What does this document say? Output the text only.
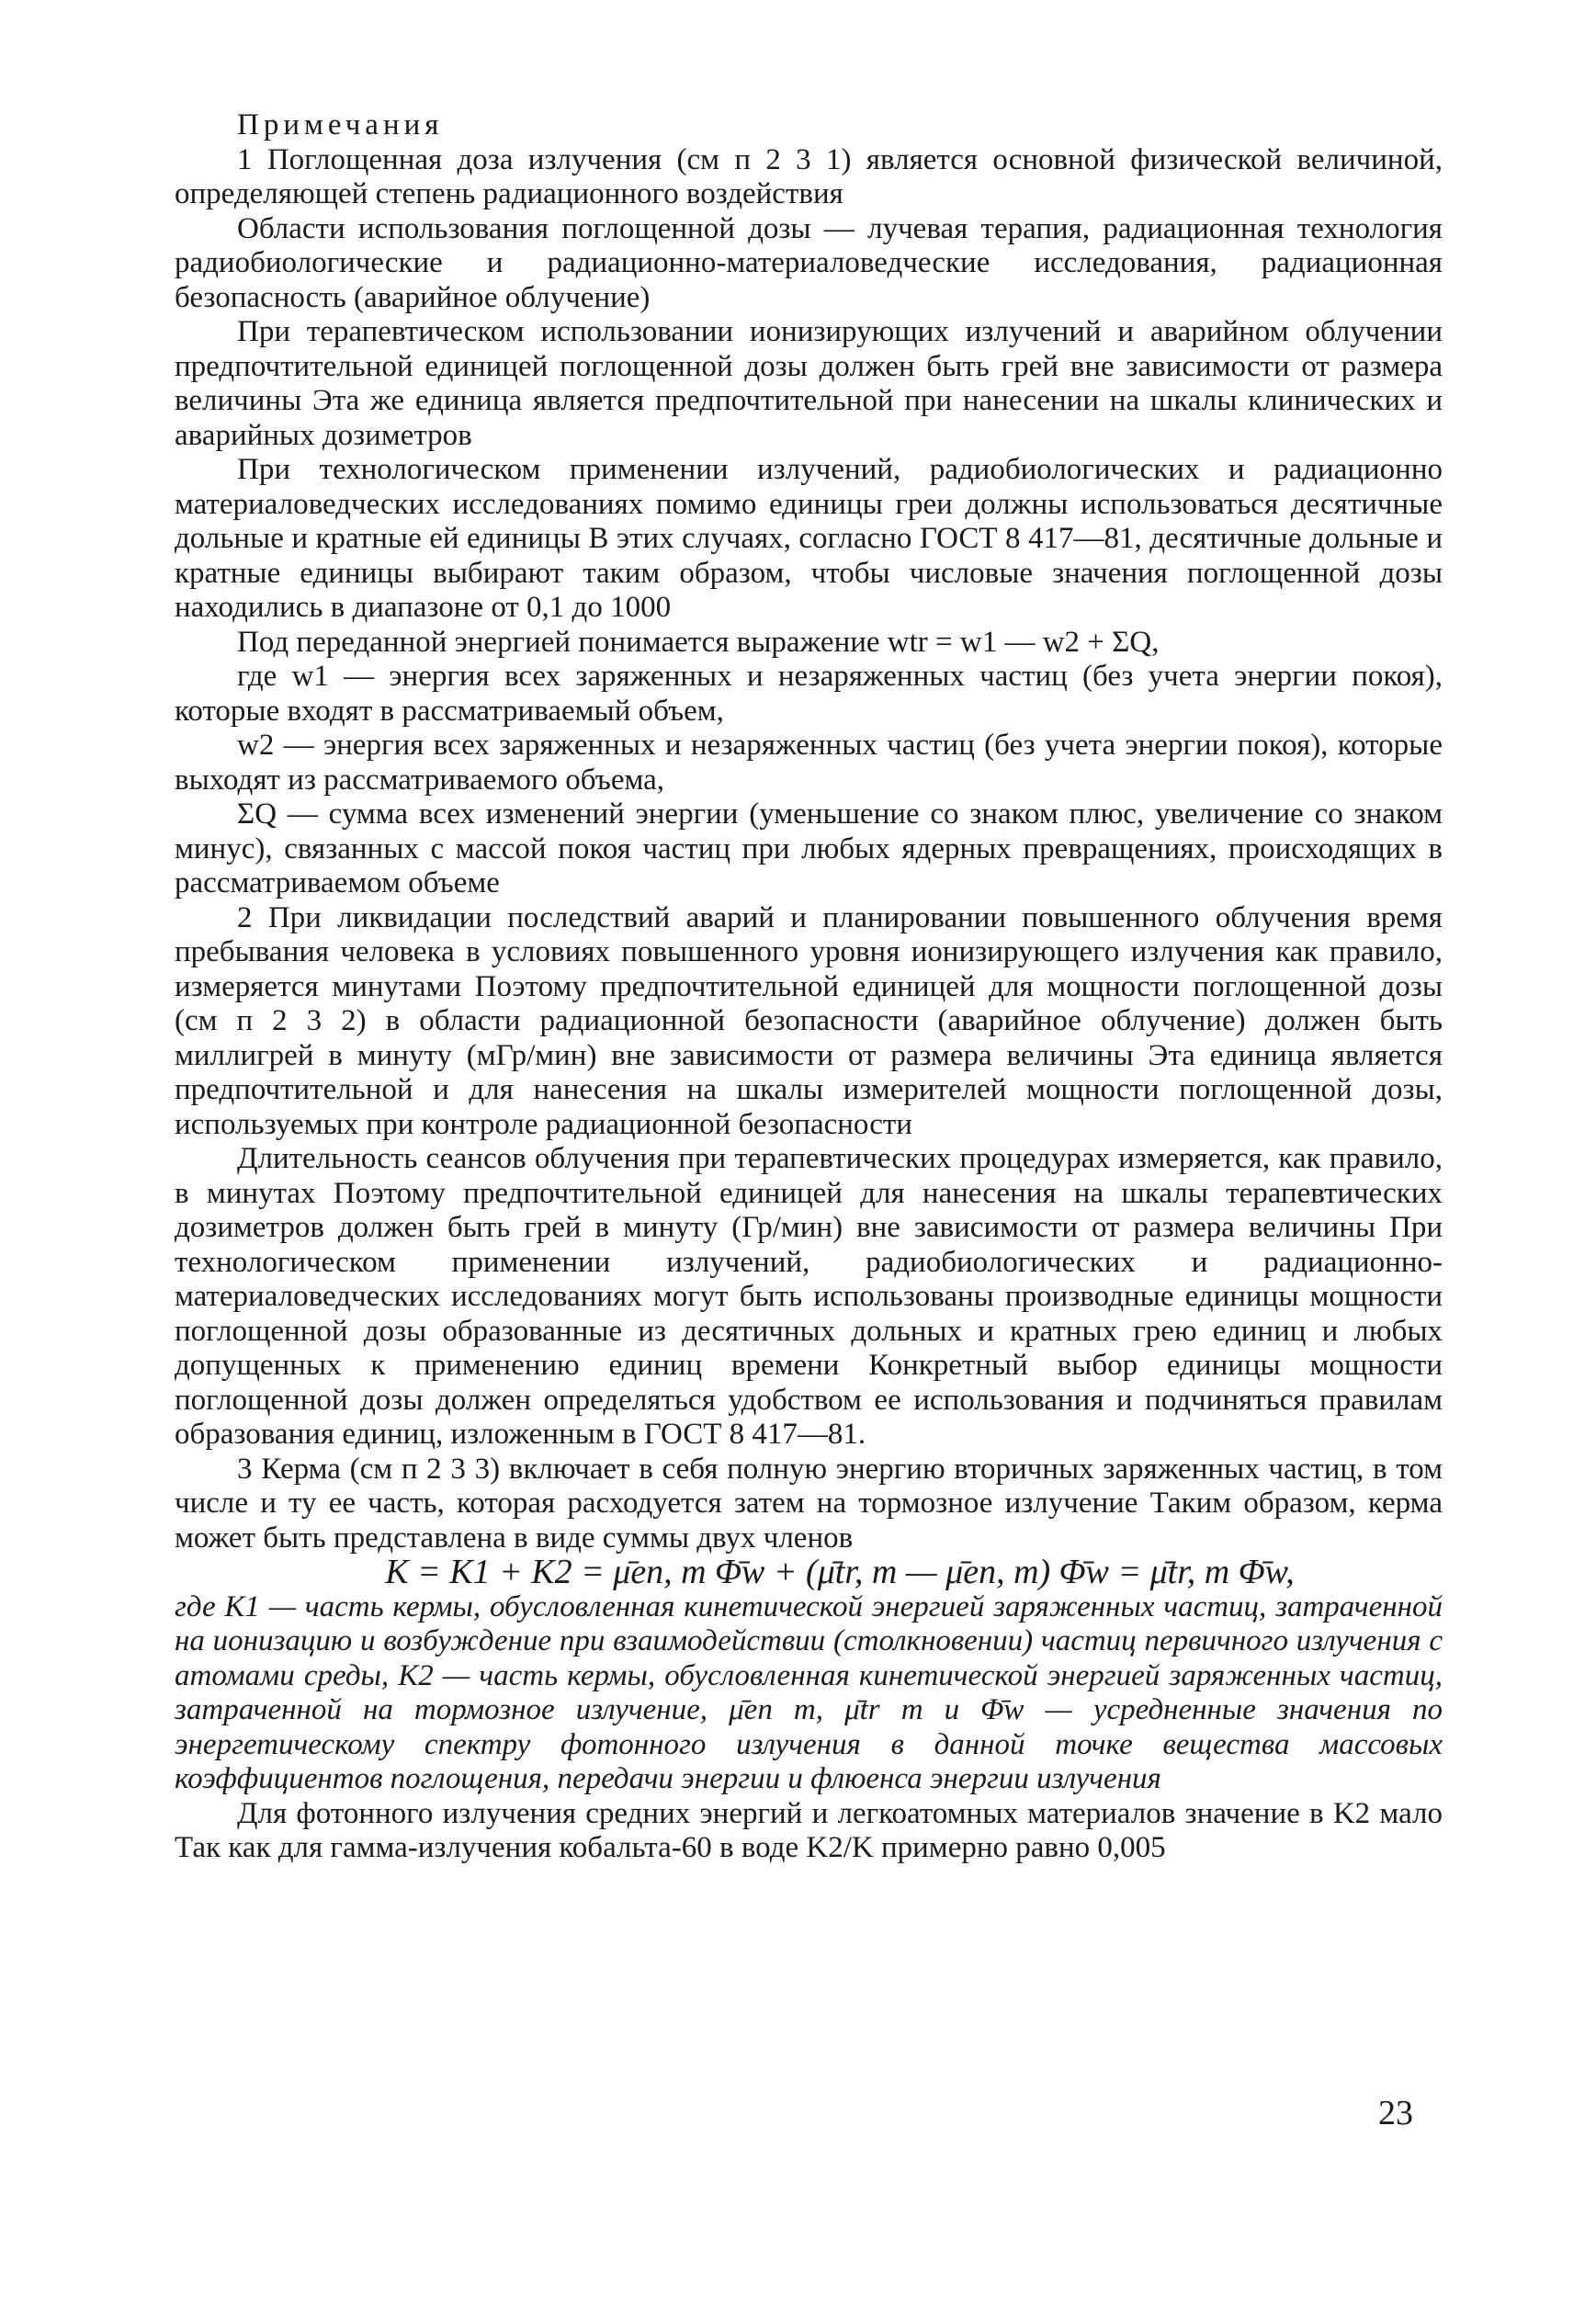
Примечания

1 Поглощенная доза излучения (см п 2 3 1) является основной физической величиной, определяющей степень радиационного воздействия

Области использования поглощенной дозы — лучевая терапия, радиационная технология радиобиологические и радиационно-материаловедческие исследования, радиационная безопасность (аварийное облучение)

При терапевтическом использовании ионизирующих излучений и аварийном облучении предпочтительной единицей поглощенной дозы должен быть грей вне зависимости от размера величины Эта же единица является предпочтительной при нанесении на шкалы клинических и аварийных дозиметров

При технологическом применении излучений, радиобиологических и радиационно материаловедческих исследованиях помимо единицы греи должны использоваться десятичные дольные и кратные ей единицы В этих случаях, согласно ГОСТ 8 417—81, десятичные дольные и кратные единицы выбирают таким образом, чтобы числовые значения поглощенной дозы находились в диапазоне от 0,1 до 1000

Под переданной энергией понимается выражение wtr = w1 — w2 + ΣQ,

где w1 — энергия всех заряженных и незаряженных частиц (без учета энергии покоя), которые входят в рассматриваемый объем,

w2 — энергия всех заряженных и незаряженных частиц (без учета энергии покоя), которые выходят из рассматриваемого объема,

ΣQ — сумма всех изменений энергии (уменьшение со знаком плюс, увеличение со знаком минус), связанных с массой покоя частиц при любых ядерных превращениях, происходящих в рассматриваемом объеме

2 При ликвидации последствий аварий и планировании повышенного облучения время пребывания человека в условиях повышенного уровня ионизирующего излучения как правило, измеряется минутами Поэтому предпочтительной единицей для мощности поглощенной дозы (см п 2 3 2) в области радиационной безопасности (аварийное облучение) должен быть миллигрей в минуту (мГр/мин) вне зависимости от размера величины Эта единица является предпочтительной и для нанесения на шкалы измерителей мощности поглощенной дозы, используемых при контроле радиационной безопасности

Длительность сеансов облучения при терапевтических процедурах измеряется, как правило, в минутах Поэтому предпочтительной единицей для нанесения на шкалы терапевтических дозиметров должен быть грей в минуту (Гр/мин) вне зависимости от размера величины При технологическом применении излучений, радиобиологических и радиационно-материаловедческих исследованиях могут быть использованы производные единицы мощности поглощенной дозы образованные из десятичных дольных и кратных грею единиц и любых допущенных к применению единиц времени Конкретный выбор единицы мощности поглощенной дозы должен определяться удобством ее использования и подчиняться правилам образования единиц, изложенным в ГОСТ 8 417—81.

3 Керма (см п 2 3 3) включает в себя полную энергию вторичных заряженных частиц, в том числе и ту ее часть, которая расходуется затем на тормозное излучение Таким образом, керма может быть представлена в виде суммы двух членов

K = K1 + K2 = μ̄en, m Φ̄w + (μ̄tr, m — μ̄en, m) Φ̄w = μ̄tr, m Φ̄w,

где K1 — часть кермы, обусловленная кинетической энергией заряженных частиц, затраченной на ионизацию и возбуждение при взаимодействии (столкновении) частиц первичного излучения с атомами среды, K2 — часть кермы, обусловленная кинетической энергией заряженных частиц, затраченной на тормозное излучение, μ̄en m, μ̄tr m и Φ̄w — усредненные значения по энергетическому спектру фотонного излучения в данной точке вещества массовых коэффициентов поглощения, передачи энергии и флюенса энергии излучения

Для фотонного излучения средних энергий и легкоатомных материалов значение в K2 мало Так как для гамма-излучения кобальта-60 в воде K2/K примерно равно 0,005

23
